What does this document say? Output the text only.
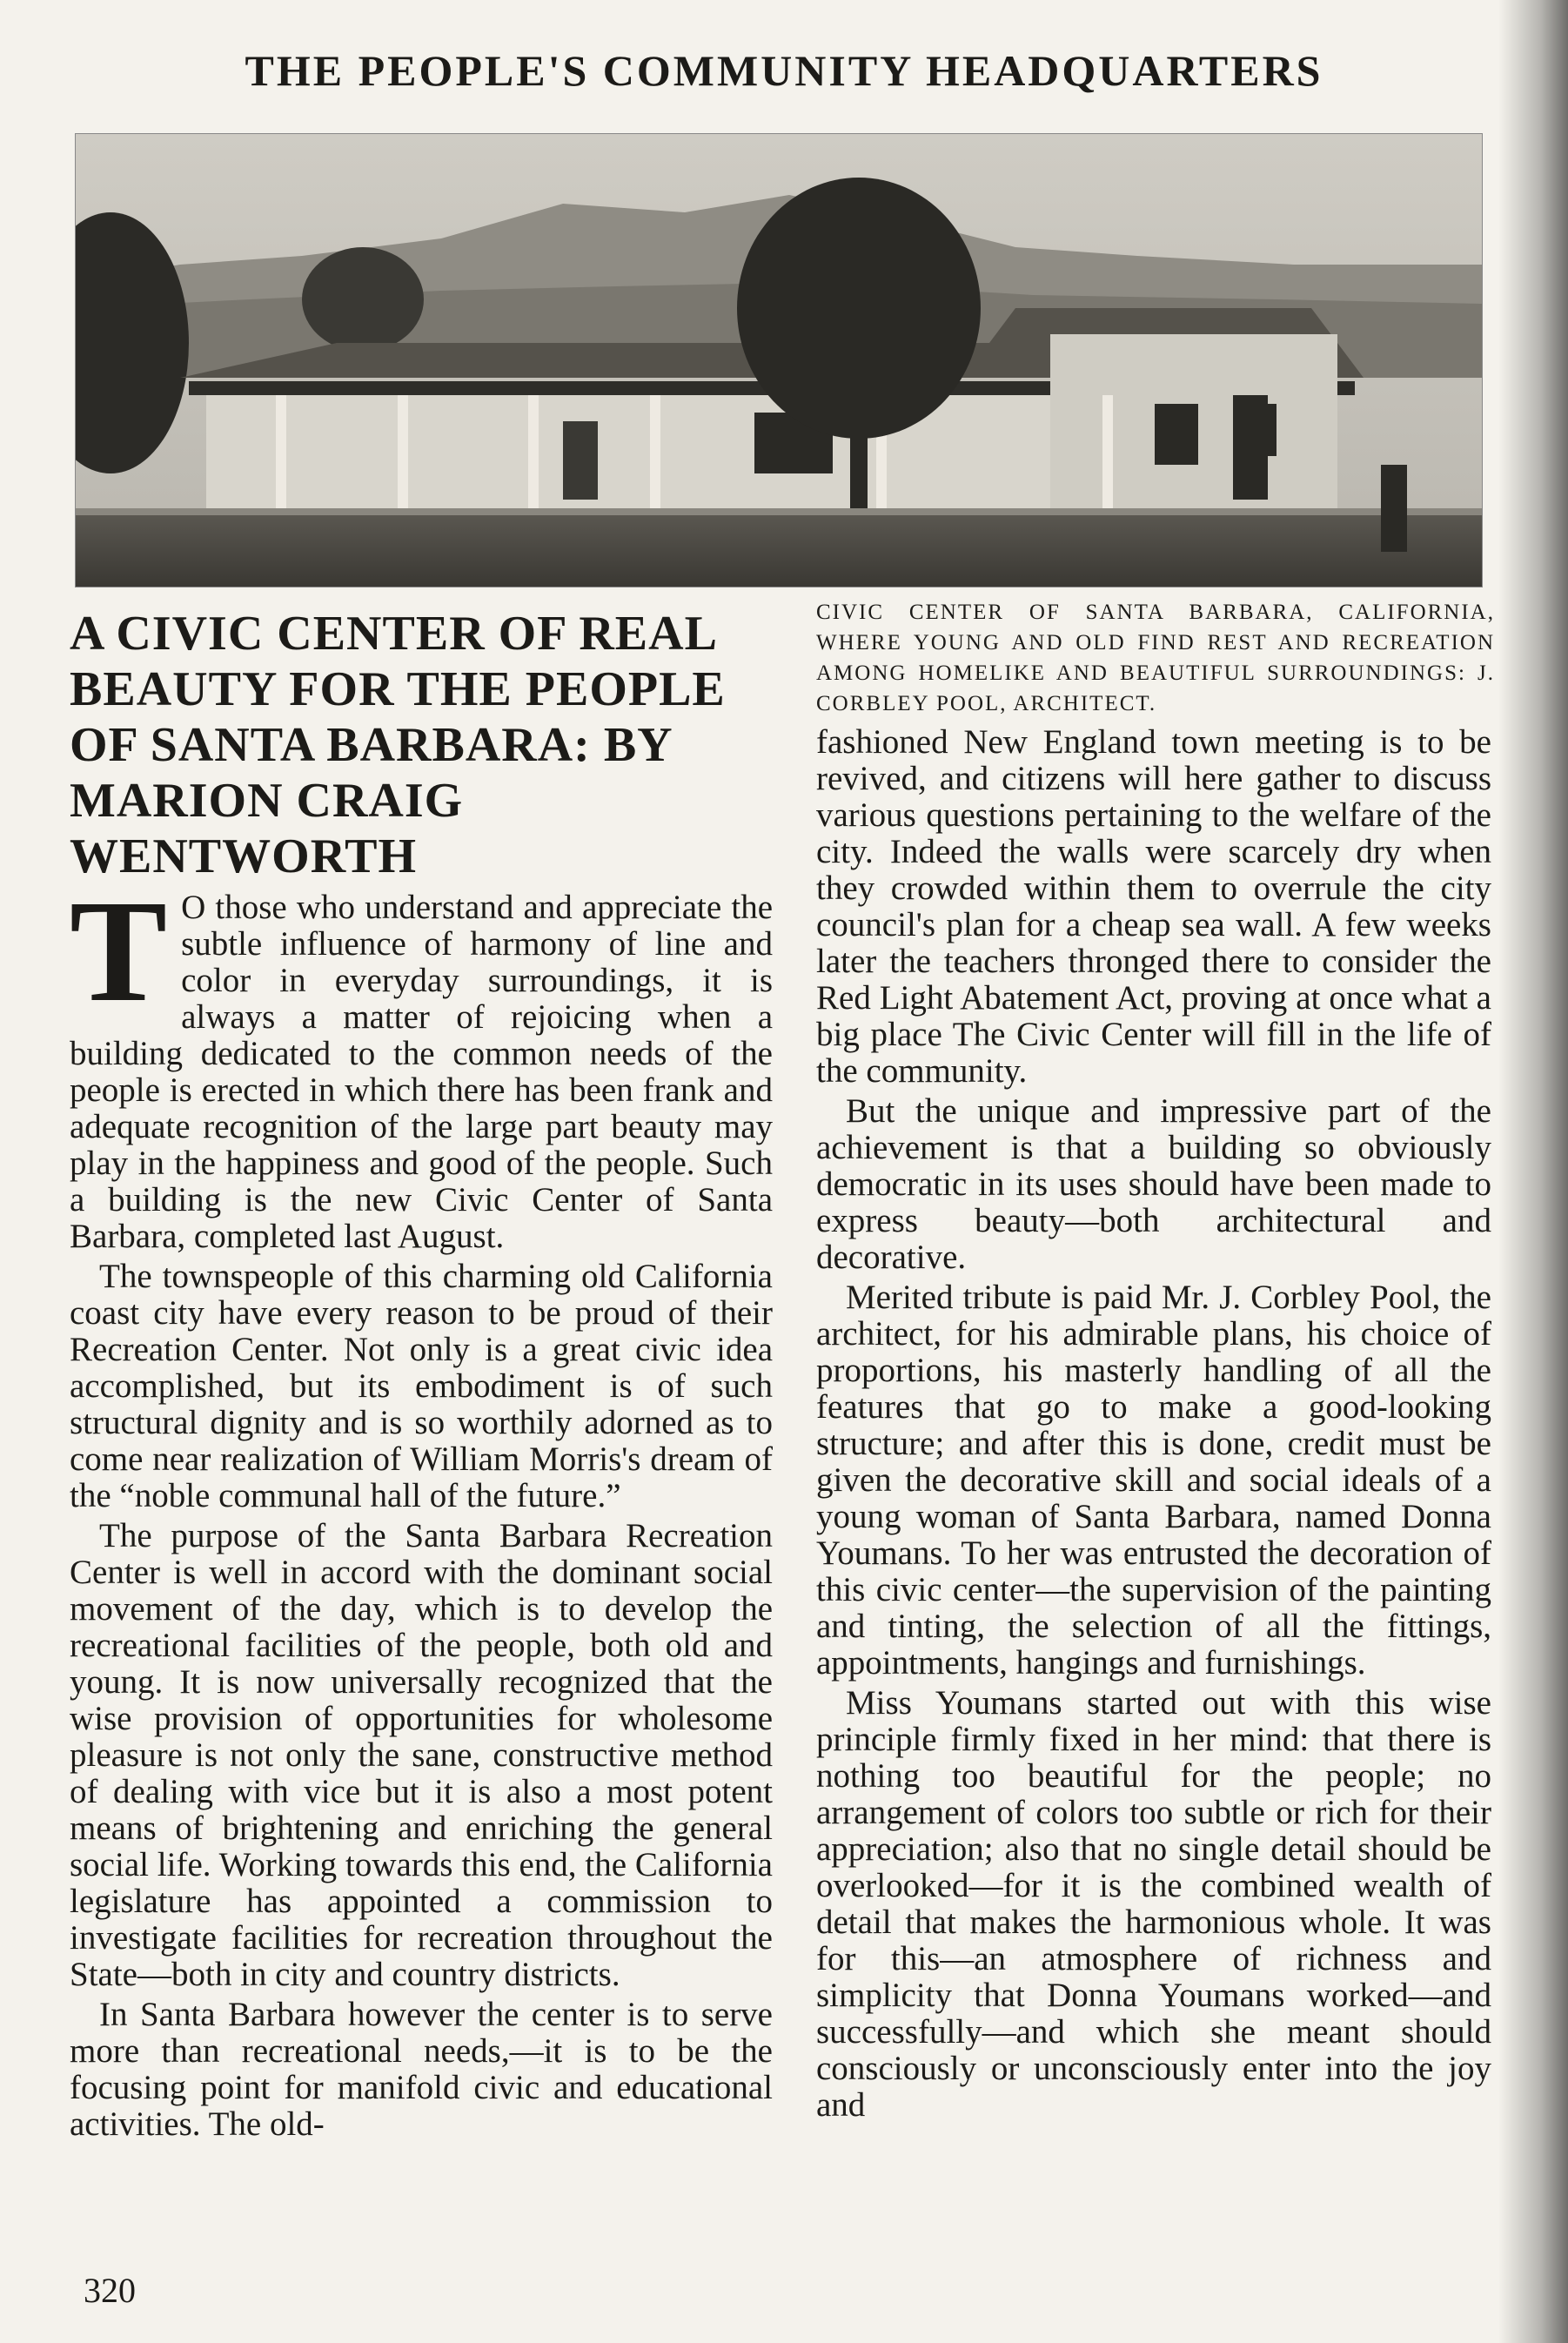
THE PEOPLE'S COMMUNITY HEADQUARTERS
CIVIC CENTER OF SANTA BARBARA, CALIFORNIA, WHERE YOUNG AND OLD FIND REST AND RECREATION AMONG HOMELIKE AND BEAUTIFUL SURROUNDINGS: J. CORBLEY POOL, ARCHITECT.
A CIVIC CENTER OF REAL BEAUTY FOR THE PEOPLE OF SANTA BARBARA: BY MARION CRAIG WENTWORTH

T O those who understand and appreciate the subtle influence of harmony of line and color in everyday surroundings, it is always a matter of rejoicing when a building dedicated to the common needs of the people is erected in which there has been frank and adequate recognition of the large part beauty may play in the happiness and good of the people. Such a building is the new Civic Center of Santa Barbara, completed last August.

The townspeople of this charming old California coast city have every reason to be proud of their Recreation Center. Not only is a great civic idea accomplished, but its embodiment is of such structural dignity and is so worthily adorned as to come near realization of William Morris's dream of the “noble communal hall of the future.”

The purpose of the Santa Barbara Recreation Center is well in accord with the dominant social movement of the day, which is to develop the recreational facilities of the people, both old and young. It is now universally recognized that the wise provision of opportunities for wholesome pleasure is not only the sane, constructive method of dealing with vice but it is also a most potent means of brightening and enriching the general social life. Working towards this end, the California legislature has appointed a commission to investigate facilities for recreation throughout the State—both in city and country districts.

In Santa Barbara however the center is to serve more than recreational needs,—it is to be the focusing point for manifold civic and educational activities. The old-

fashioned New England town meeting is to be revived, and citizens will here gather to discuss various questions pertaining to the welfare of the city. Indeed the walls were scarcely dry when they crowded within them to overrule the city council's plan for a cheap sea wall. A few weeks later the teachers thronged there to consider the Red Light Abatement Act, proving at once what a big place The Civic Center will fill in the life of the community.

But the unique and impressive part of the achievement is that a building so obviously democratic in its uses should have been made to express beauty—both architectural and decorative.

Merited tribute is paid Mr. J. Corbley Pool, the architect, for his admirable plans, his choice of proportions, his masterly handling of all the features that go to make a good-looking structure; and after this is done, credit must be given the decorative skill and social ideals of a young woman of Santa Barbara, named Donna Youmans. To her was entrusted the decoration of this civic center—the supervision of the painting and tinting, the selection of all the fittings, appointments, hangings and furnishings.

Miss Youmans started out with this wise principle firmly fixed in her mind: that there is nothing too beautiful for the people; no arrangement of colors too subtle or rich for their appreciation; also that no single detail should be overlooked—for it is the combined wealth of detail that makes the harmonious whole. It was for this—an atmosphere of richness and simplicity that Donna Youmans worked—and successfully—and which she meant should consciously or unconsciously enter into the joy and

320
